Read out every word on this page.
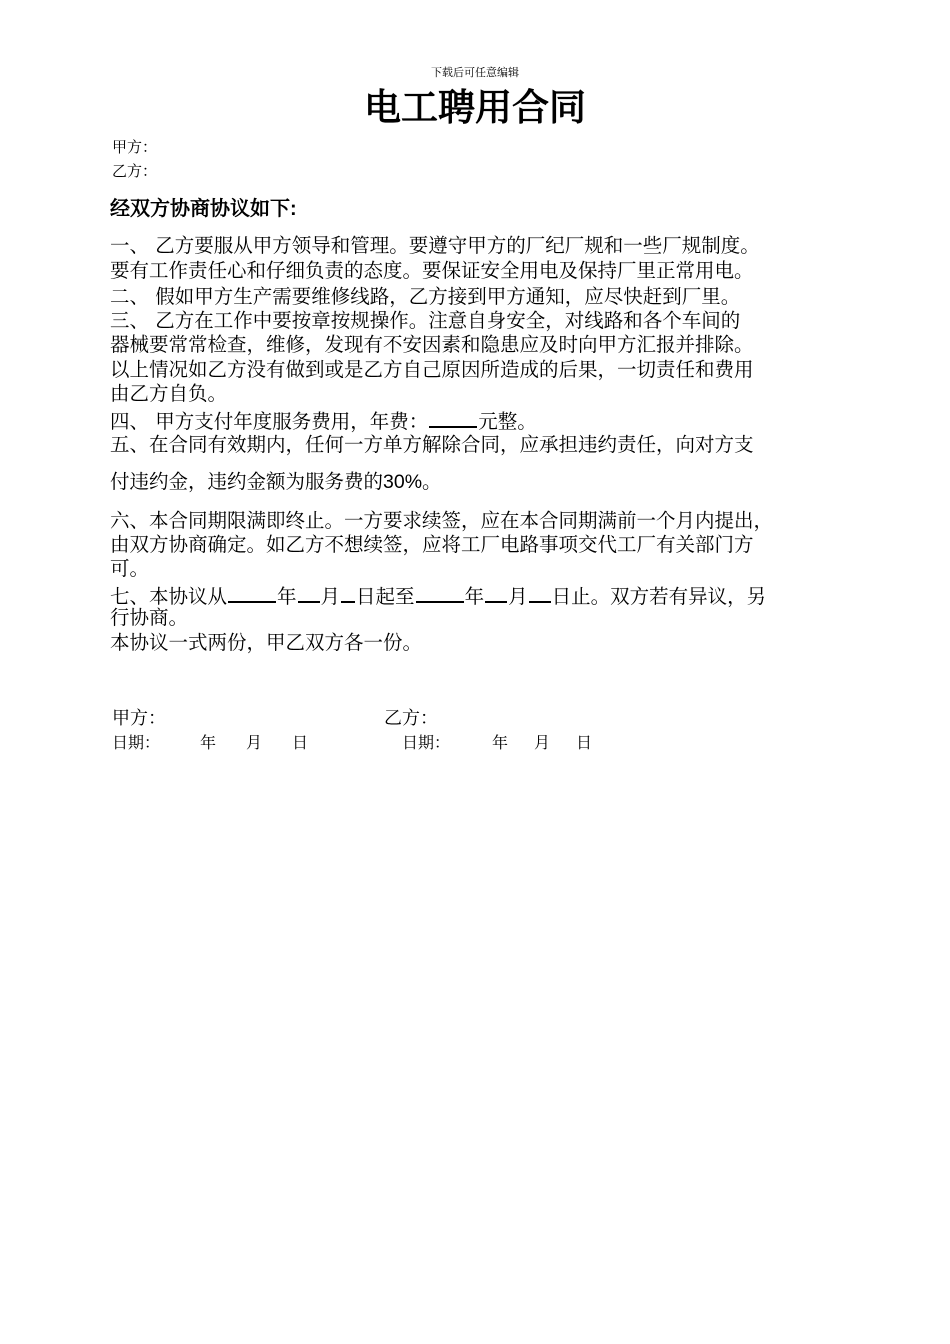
下载后可任意编辑
电工聘用合同
甲方：
乙方：
经双方协商协议如下:
一、 乙方要服从甲方领导和管理。要遵守甲方的厂纪厂规和一些厂规制度。
要有工作责任心和仔细负责的态度。要保证安全用电及保持厂里正常用电。
二、 假如甲方生产需要维修线路，乙方接到甲方通知，应尽快赶到厂里。
三、 乙方在工作中要按章按规操作。注意自身安全，对线路和各个车间的
器械要常常检查，维修，发现有不安因素和隐患应及时向甲方汇报并排除。
以上情况如乙方没有做到或是乙方自己原因所造成的后果，一切责任和费用
由乙方自负。
四、 甲方支付年度服务费用，年费：	元整。
五、在合同有效期内，任何一方单方解除合同，应承担违约责任，向对方支
付违约金，违约金额为服务费的30%。
六、本合同期限满即终止。一方要求续签，应在本合同期满前一个月内提出，
由双方协商确定。如乙方不想续签，应将工厂电路事项交代工厂有关部门方
可。
七、本协议从	年 月 日起至	年 月 日止。双方若有异议，另
行协商。
本协议一式两份，甲乙双方各一份。
甲方：	乙方：
日期：	年 月 日	日期：	年 月 日
